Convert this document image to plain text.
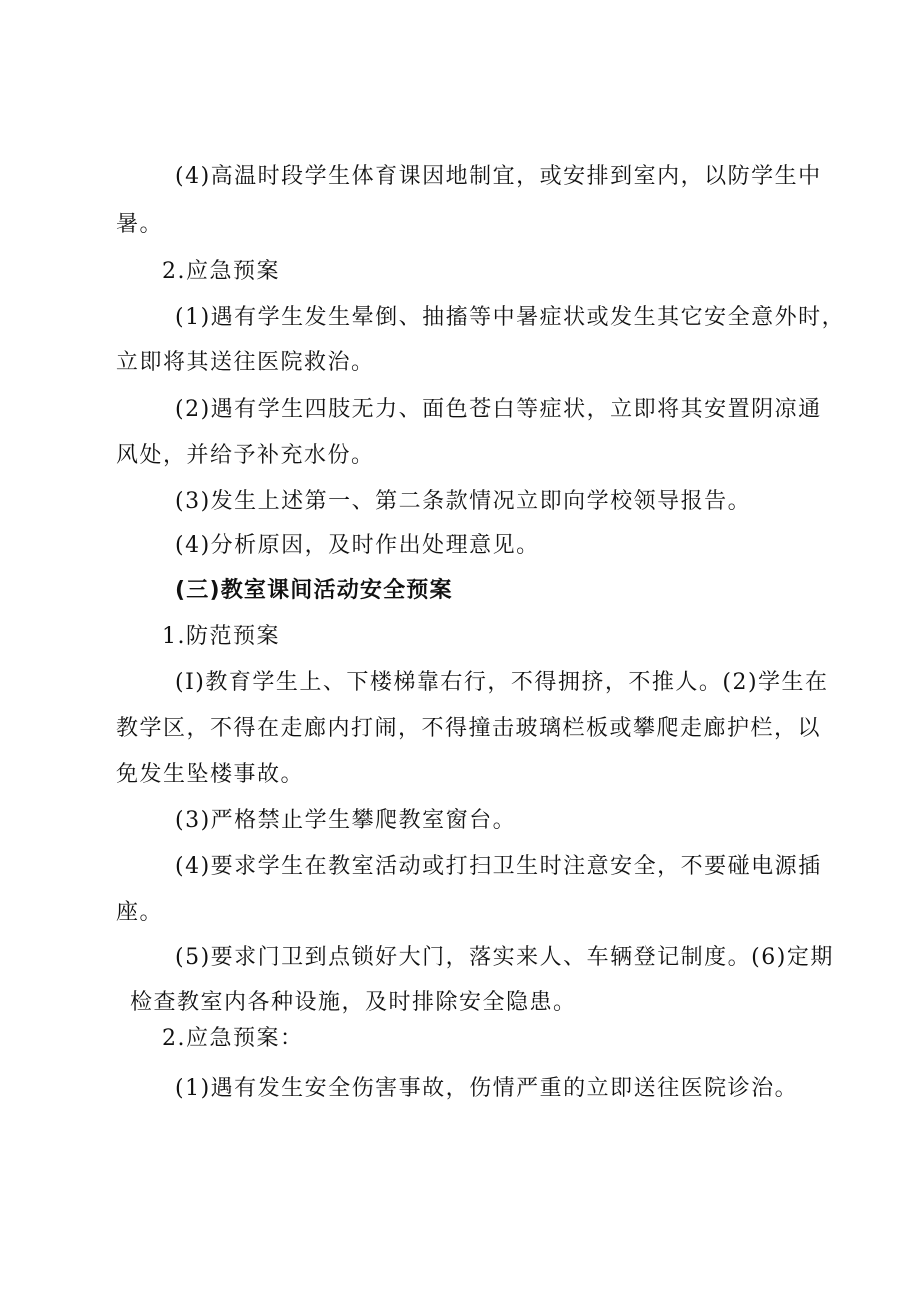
(4)高温时段学生体育课因地制宜，或安排到室内，以防学生中
暑。
2.应急预案
(1)遇有学生发生晕倒、抽搐等中暑症状或发生其它安全意外时，
立即将其送往医院救治。
(2)遇有学生四肢无力、面色苍白等症状，立即将其安置阴凉通
风处，并给予补充水份。
(3)发生上述第一、第二条款情况立即向学校领导报告。
(4)分析原因，及时作出处理意见。
(三)教室课间活动安全预案
1.防范预案
(I)教育学生上、下楼梯靠右行，不得拥挤，不推人。(2)学生在
教学区，不得在走廊内打闹，不得撞击玻璃栏板或攀爬走廊护栏，以
免发生坠楼事故。
(3)严格禁止学生攀爬教室窗台。
(4)要求学生在教室活动或打扫卫生时注意安全，不要碰电源插
座。
(5)要求门卫到点锁好大门，落实来人、车辆登记制度。(6)定期
检查教室内各种设施，及时排除安全隐患。
2.应急预案：
(1)遇有发生安全伤害事故，伤情严重的立即送往医院诊治。
